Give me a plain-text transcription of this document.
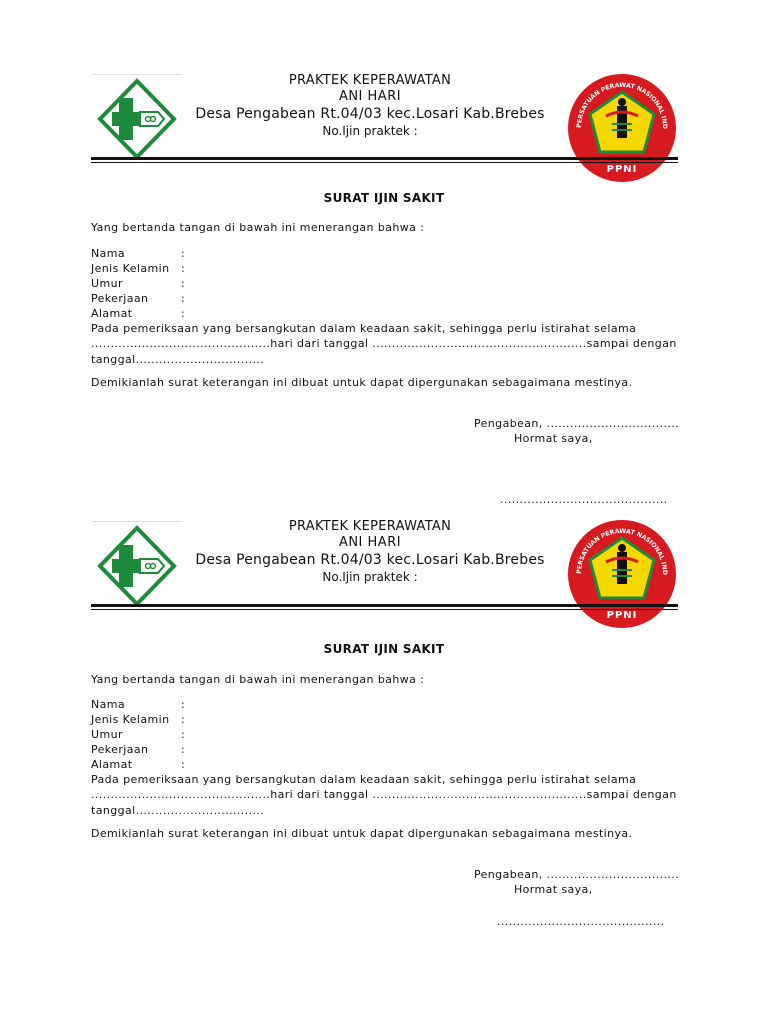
PRAKTEK KEPERAWATAN
ANI HARI
Desa Pengabean Rt.04/03 kec.Losari Kab.Brebes
No.Ijin praktek :	PERSATUAN PERAWAT NASIONAL IND
PPNI
SURAT IJIN SAKIT
Yang bertanda tangan di bawah ini menerangan bahwa :
Nama	:
Jenis Kelamin :
Umur	:
Pekerjaan	:
Alamat	:
Pada pemeriksaan yang bersangkutan dalam keadaan sakit, sehingga perlu istirahat selama
..............................................hari dari tanggal .......................................................sampai dengan
tanggal.................................
Demikianlah surat keterangan ini dibuat untuk dapat dipergunakan sebagaimana mestinya.
Pengabean, ..................................
Hormat saya,
...........................................
PRAKTEK KEPERAWATAN
ANI HARI
Desa Pengabean Rt.04/03 kec.Losari Kab.Brebes
No.Ijin praktek :	PERSATUAN PERAWAT NASIONAL IND
PPNI
SURAT IJIN SAKIT
Yang bertanda tangan di bawah ini menerangan bahwa :
Nama	:
Jenis Kelamin :
Umur	:
Pekerjaan	:
Alamat	:
Pada pemeriksaan yang bersangkutan dalam keadaan sakit, sehingga perlu istirahat selama
..............................................hari dari tanggal .......................................................sampai dengan
tanggal.................................
Demikianlah surat keterangan ini dibuat untuk dapat dipergunakan sebagaimana mestinya.
Pengabean, ..................................
Hormat saya,
...........................................
